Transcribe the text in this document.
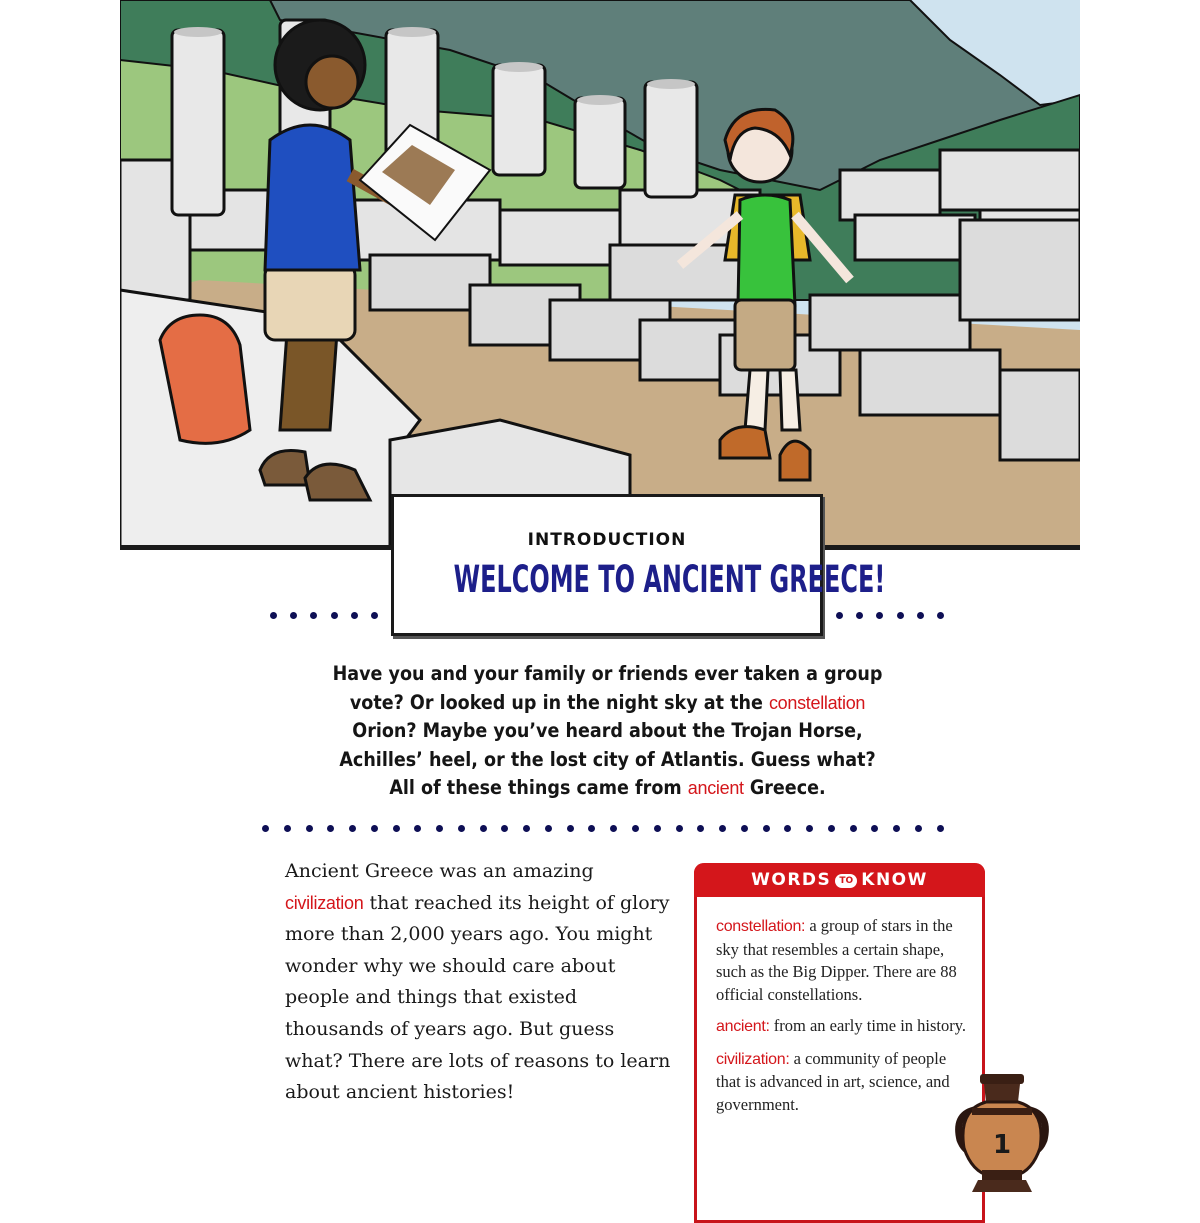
INTRODUCTION
WELCOME TO ANCIENT GREECE!
Have you and your family or friends ever taken a group
vote? Or looked up in the night sky at the constellation
Orion? Maybe you’ve heard about the Trojan Horse,
Achilles’ heel, or the lost city of Atlantis. Guess what?
All of these things came from ancient Greece.
Ancient Greece was an amazing
civilization that reached its height of glory more than 2,000 years ago. You might wonder why we should care about people and things that existed thousands of years ago. But guess what? There are lots of reasons to learn about ancient histories!
WORDS TO KNOW
constellation: a group of stars in the sky that resembles a certain shape, such as the Big Dipper. There are 88 official constellations.
ancient: from an early time in history.
civilization: a community of people that is advanced in art, science, and government.
1
